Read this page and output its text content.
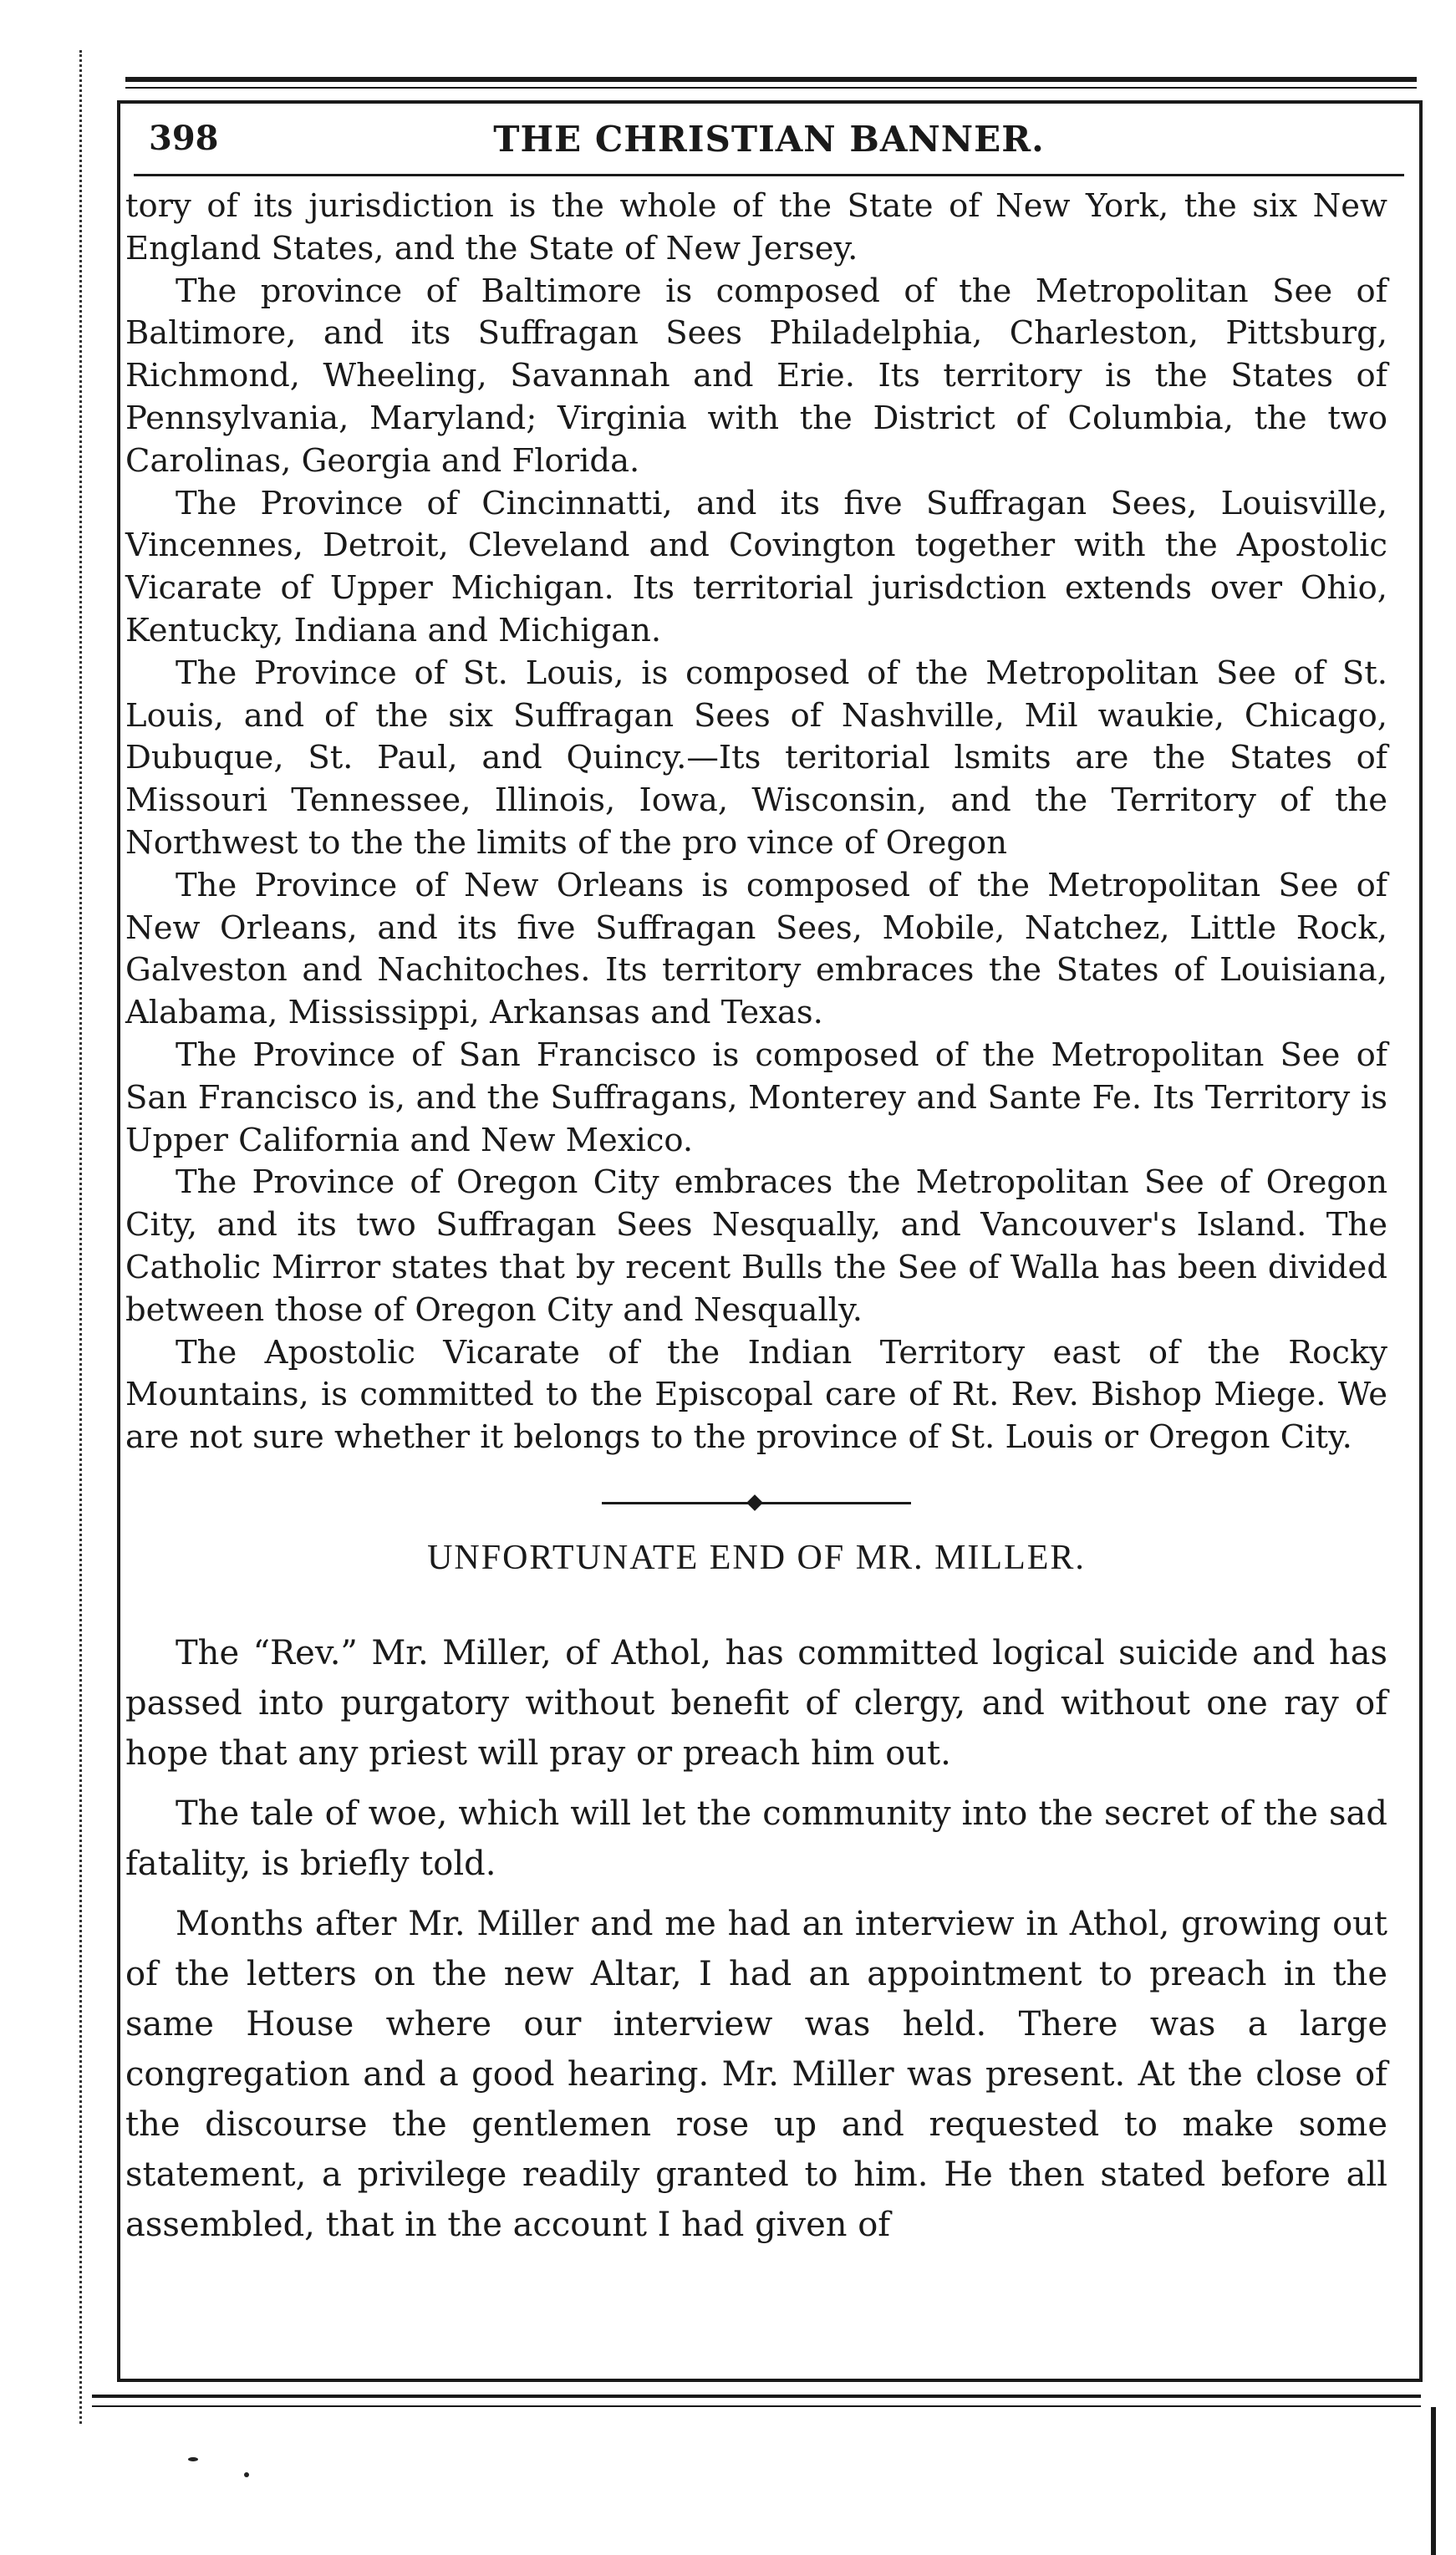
398	THE CHRISTIAN BANNER.

tory of its jurisdiction is the whole of the State of New York, the six New England States, and the State of New Jersey.

The province of Baltimore is composed of the Metropolitan See of Baltimore, and its Suffragan Sees Philadelphia, Charleston, Pittsburg, Richmond, Wheeling, Savannah and Erie. Its territory is the States of Pennsylvania, Maryland; Virginia with the District of Columbia, the two Carolinas, Georgia and Florida.

The Province of Cincinnatti, and its five Suffragan Sees, Louisville, Vincennes, Detroit, Cleveland and Covington together with the Apostolic Vicarate of Upper Michigan. Its territorial jurisdction extends over Ohio, Kentucky, Indiana and Michigan.

The Province of St. Louis, is composed of the Metropolitan See of St. Louis, and of the six Suffragan Sees of Nashville, Mil waukie, Chicago, Dubuque, St. Paul, and Quincy.—Its teritorial lsmits are the States of Missouri Tennessee, Illinois, Iowa, Wisconsin, and the Territory of the Northwest to the the limits of the pro vince of Oregon

The Province of New Orleans is composed of the Metropolitan See of New Orleans, and its five Suffragan Sees, Mobile, Natchez, Little Rock, Galveston and Nachitoches. Its territory embraces the States of Louisiana, Alabama, Mississippi, Arkansas and Texas.

The Province of San Francisco is composed of the Metropolitan See of San Francisco is, and the Suffragans, Monterey and Sante Fe. Its Territory is Upper California and New Mexico.

The Province of Oregon City embraces the Metropolitan See of Oregon City, and its two Suffragan Sees Nesqually, and Vancouver's Island. The Catholic Mirror states that by recent Bulls the See of Walla has been divided between those of Oregon City and Nesqually.

The Apostolic Vicarate of the Indian Territory east of the Rocky Mountains, is committed to the Episcopal care of Rt. Rev. Bishop Miege. We are not sure whether it belongs to the province of St. Louis or Oregon City.

UNFORTUNATE END OF MR. MILLER.

The “Rev.” Mr. Miller, of Athol, has committed logical suicide and has passed into purgatory without benefit of clergy, and without one ray of hope that any priest will pray or preach him out.

The tale of woe, which will let the community into the secret of the sad fatality, is briefly told.

Months after Mr. Miller and me had an interview in Athol, growing out of the letters on the new Altar, I had an appointment to preach in the same House where our interview was held. There was a large congregation and a good hearing. Mr. Miller was present. At the close of the discourse the gentlemen rose up and requested to make some statement, a privilege readily granted to him. He then stated before all assembled, that in the account I had given of
